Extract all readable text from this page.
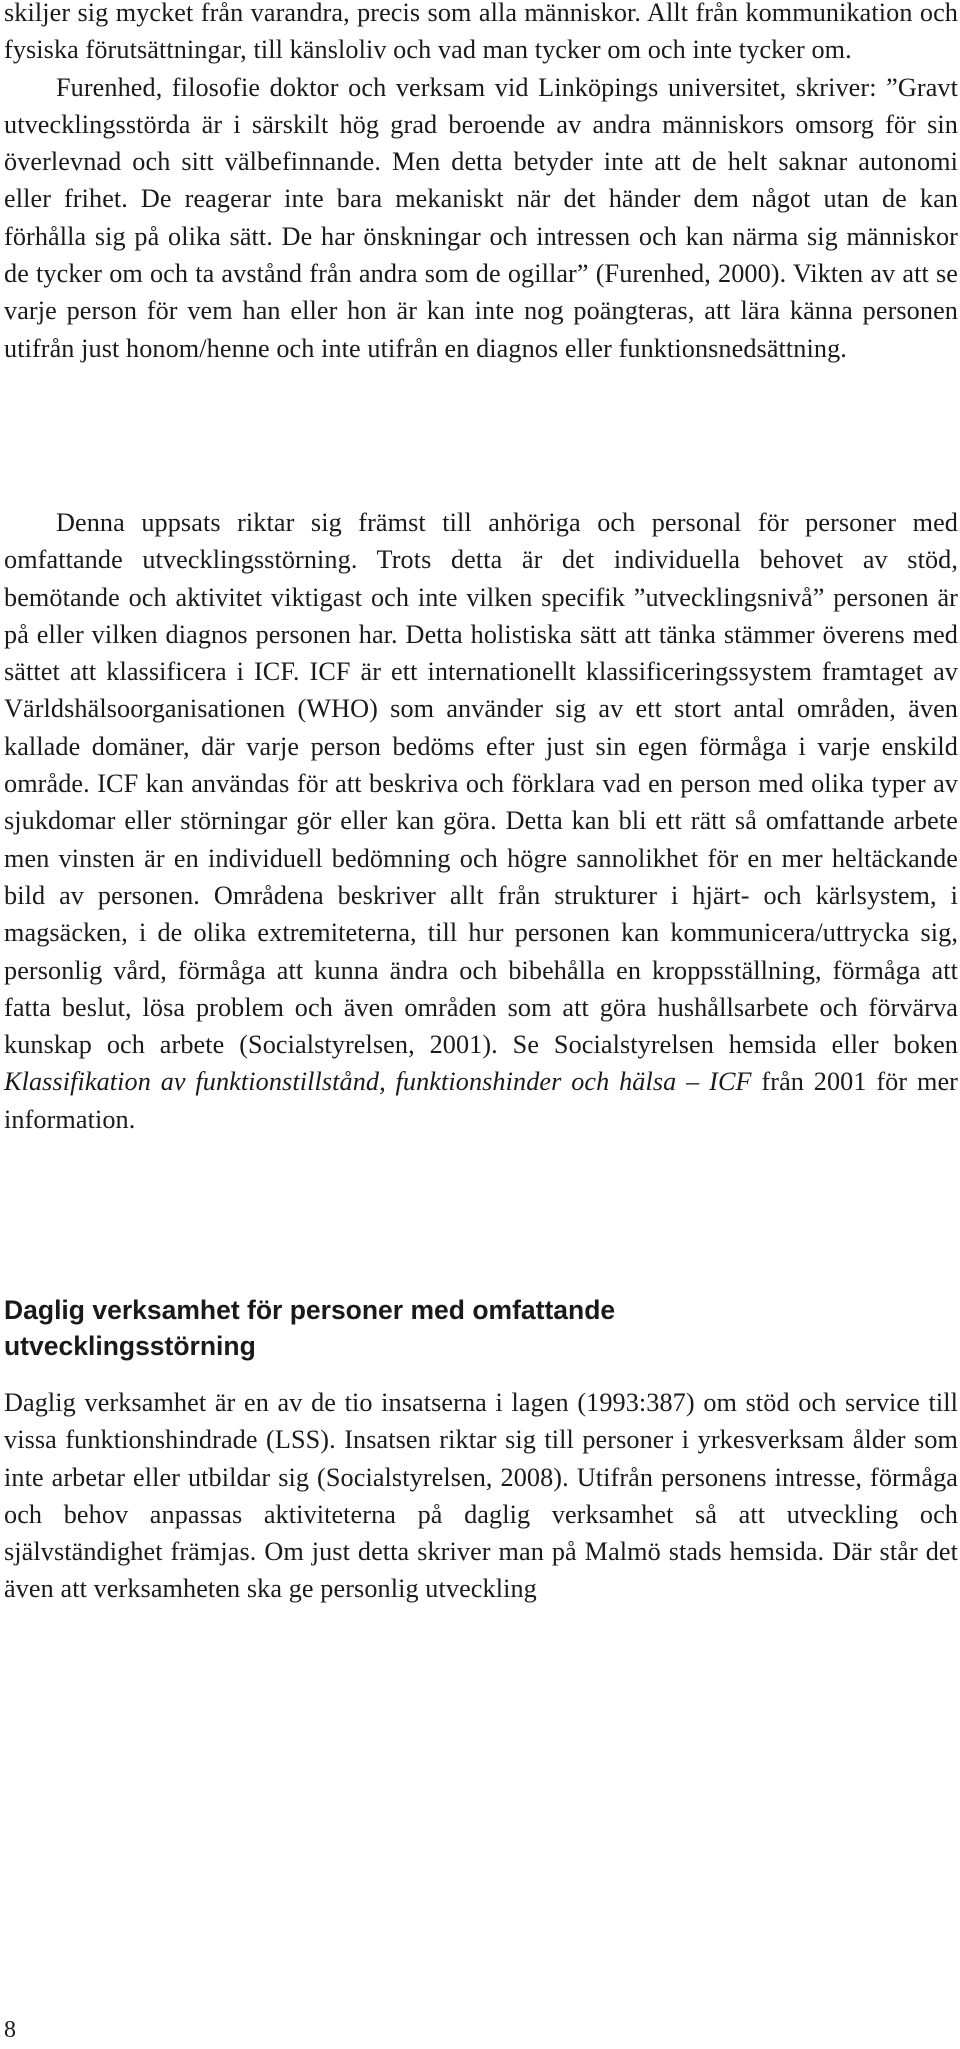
skiljer sig mycket från varandra, precis som alla människor. Allt från kommunikation och fysiska förutsättningar, till känsloliv och vad man tycker om och inte tycker om.

Furenhed, filosofie doktor och verksam vid Linköpings universitet, skriver: ”Gravt utvecklingsstörda är i särskilt hög grad beroende av andra människors omsorg för sin överlevnad och sitt välbefinnande. Men detta betyder inte att de helt saknar autonomi eller frihet. De reagerar inte bara mekaniskt när det händer dem något utan de kan förhålla sig på olika sätt. De har önskningar och intressen och kan närma sig människor de tycker om och ta avstånd från andra som de ogillar” (Furenhed, 2000). Vikten av att se varje person för vem han eller hon är kan inte nog poängteras, att lära känna personen utifrån just honom/henne och inte utifrån en diagnos eller funktionsnedsättning.

Denna uppsats riktar sig främst till anhöriga och personal för personer med omfattande utvecklingsstörning. Trots detta är det individuella behovet av stöd, bemötande och aktivitet viktigast och inte vilken specifik ”utvecklingsnivå” personen är på eller vilken diagnos personen har. Detta holistiska sätt att tänka stämmer överens med sättet att klassificera i ICF. ICF är ett internationellt klassificeringssystem framtaget av Världshälsoorganisationen (WHO) som använder sig av ett stort antal områden, även kallade domäner, där varje person bedöms efter just sin egen förmåga i varje enskild område. ICF kan användas för att beskriva och förklara vad en person med olika typer av sjukdomar eller störningar gör eller kan göra. Detta kan bli ett rätt så omfattande arbete men vinsten är en individuell bedömning och högre sannolikhet för en mer heltäckande bild av personen. Områdena beskriver allt från strukturer i hjärt- och kärlsystem, i magsäcken, i de olika extremiteterna, till hur personen kan kommunicera/uttrycka sig, personlig vård, förmåga att kunna ändra och bibehålla en kroppsställning, förmåga att fatta beslut, lösa problem och även områden som att göra hushållsarbete och förvärva kunskap och arbete (Socialstyrelsen, 2001). Se Socialstyrelsen hemsida eller boken Klassifikation av funktionstillstånd, funktionshinder och hälsa – ICF från 2001 för mer information.

Daglig verksamhet för personer med omfattande utvecklingsstörning

Daglig verksamhet är en av de tio insatserna i lagen (1993:387) om stöd och service till vissa funktionshindrade (LSS). Insatsen riktar sig till personer i yrkesverksam ålder som inte arbetar eller utbildar sig (Socialstyrelsen, 2008). Utifrån personens intresse, förmåga och behov anpassas aktiviteterna på daglig verksamhet så att utveckling och självständighet främjas. Om just detta skriver man på Malmö stads hemsida. Där står det även att verksamheten ska ge personlig utveckling

8
